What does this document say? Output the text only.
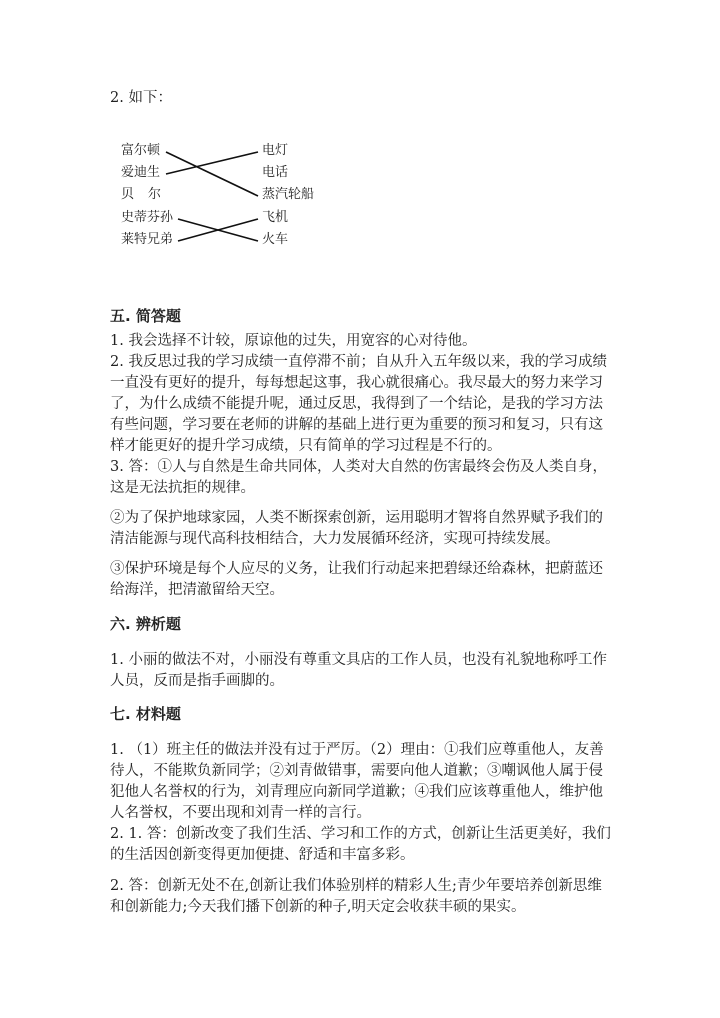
2. 如下：
富尔顿
爱迪生
贝尔
史蒂芬孙
莱特兄弟
电灯
电话
蒸汽轮船
飞机
火车
五. 简答题
1. 我会选择不计较，原谅他的过失，用宽容的心对待他。
2. 我反思过我的学习成绩一直停滞不前；自从升入五年级以来，我的学习成绩
一直没有更好的提升，每每想起这事，我心就很痛心。我尽最大的努力来学习
了，为什么成绩不能提升呢，通过反思，我得到了一个结论，是我的学习方法
有些问题，学习要在老师的讲解的基础上进行更为重要的预习和复习，只有这
样才能更好的提升学习成绩，只有简单的学习过程是不行的。
3. 答：①人与自然是生命共同体，人类对大自然的伤害最终会伤及人类自身，
这是无法抗拒的规律。
②为了保护地球家园，人类不断探索创新，运用聪明才智将自然界赋予我们的
清洁能源与现代高科技相结合，大力发展循环经济，实现可持续发展。
③保护环境是每个人应尽的义务，让我们行动起来把碧绿还给森林，把蔚蓝还
给海洋，把清澈留给天空。
六. 辨析题
1. 小丽的做法不对，小丽没有尊重文具店的工作人员，也没有礼貌地称呼工作
人员，反而是指手画脚的。
七. 材料题
1. （1）班主任的做法并没有过于严厉。（2）理由：①我们应尊重他人，友善
待人，不能欺负新同学；②刘青做错事，需要向他人道歉；③嘲讽他人属于侵
犯他人名誉权的行为，刘青理应向新同学道歉；④我们应该尊重他人，维护他
人名誉权，不要出现和刘青一样的言行。
2. 1. 答：创新改变了我们生活、学习和工作的方式，创新让生活更美好，我们
的生活因创新变得更加便捷、舒适和丰富多彩。
2. 答：创新无处不在,创新让我们体验别样的精彩人生;青少年要培养创新思维
和创新能力;今天我们播下创新的种子,明天定会收获丰硕的果实。
